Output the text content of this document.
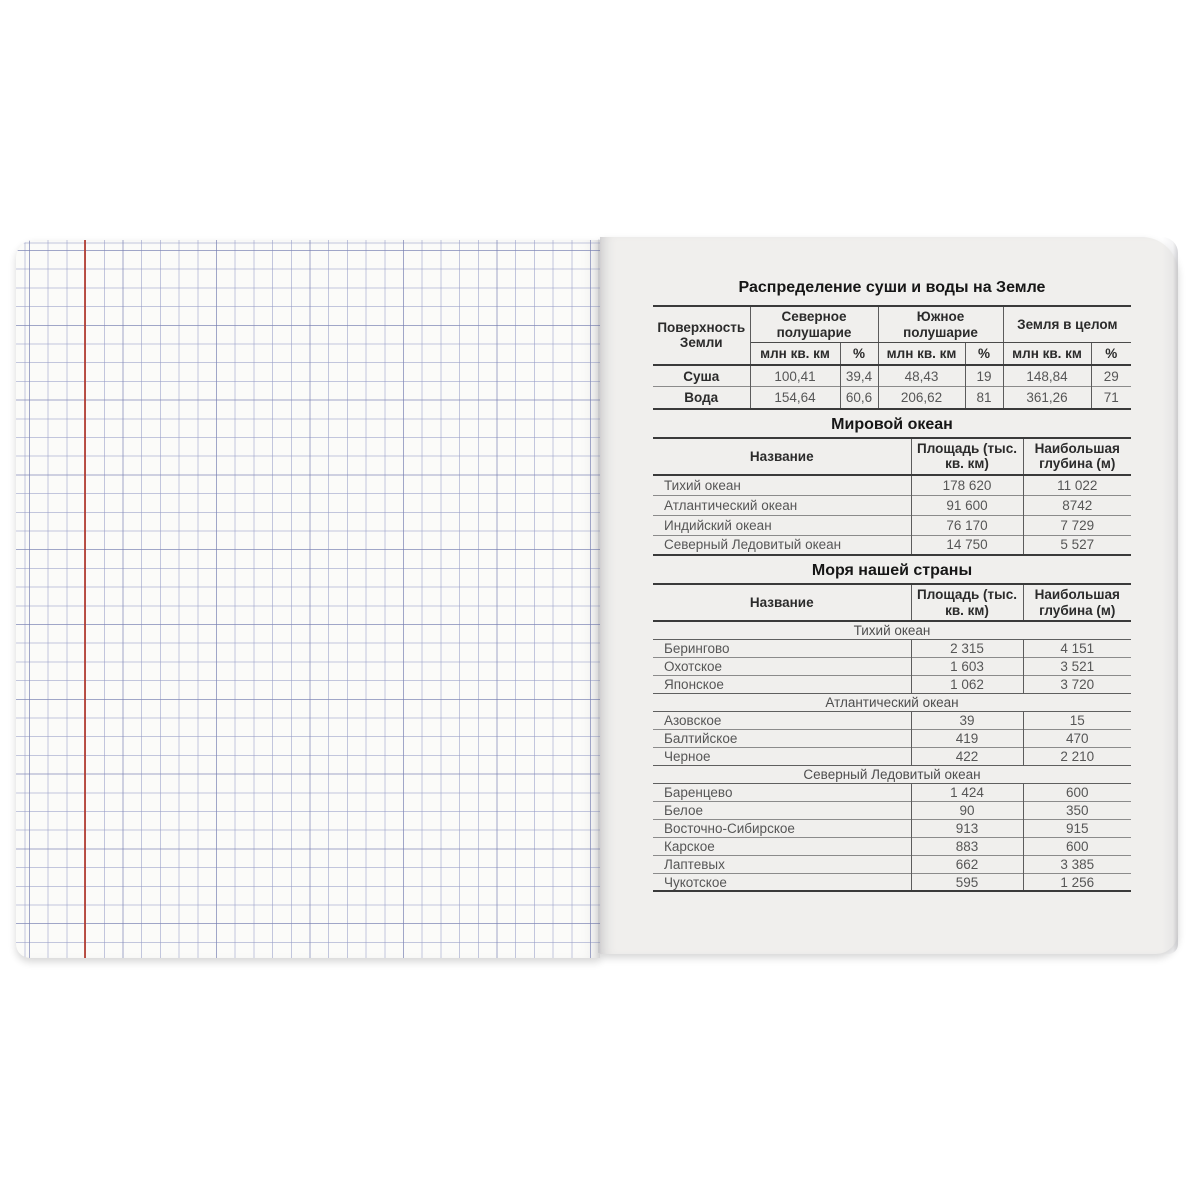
Распределение суши и воды на Земле
Поверхность Земли	Северное полушарие		Южное полушарие		Земля в целом	
	млн кв. км	%	млн кв. км	%	млн кв. км	%
Суша	100,41	39,4	48,43	19	148,84	29
Вода	154,64	60,6	206,62	81	361,26	71
Мировой океан
Название	Площадь (тыс. кв. км)	Наибольшая глубина (м)
Тихий океан	178 620	11 022
Атлантический океан	91 600	8742
Индийский океан	76 170	7 729
Северный Ледовитый океан	14 750	5 527
Моря нашей страны
Название	Площадь (тыс. кв. км)	Наибольшая глубина (м)
Тихий океан		
Берингово	2 315	4 151
Охотское	1 603	3 521
Японское	1 062	3 720
Атлантический океан		
Азовское	39	15
Балтийское	419	470
Черное	422	2 210
Северный Ледовитый океан		
Баренцево	1 424	600
Белое	90	350
Восточно-Сибирское	913	915
Карское	883	600
Лаптевых	662	3 385
Чукотское	595	1 256
